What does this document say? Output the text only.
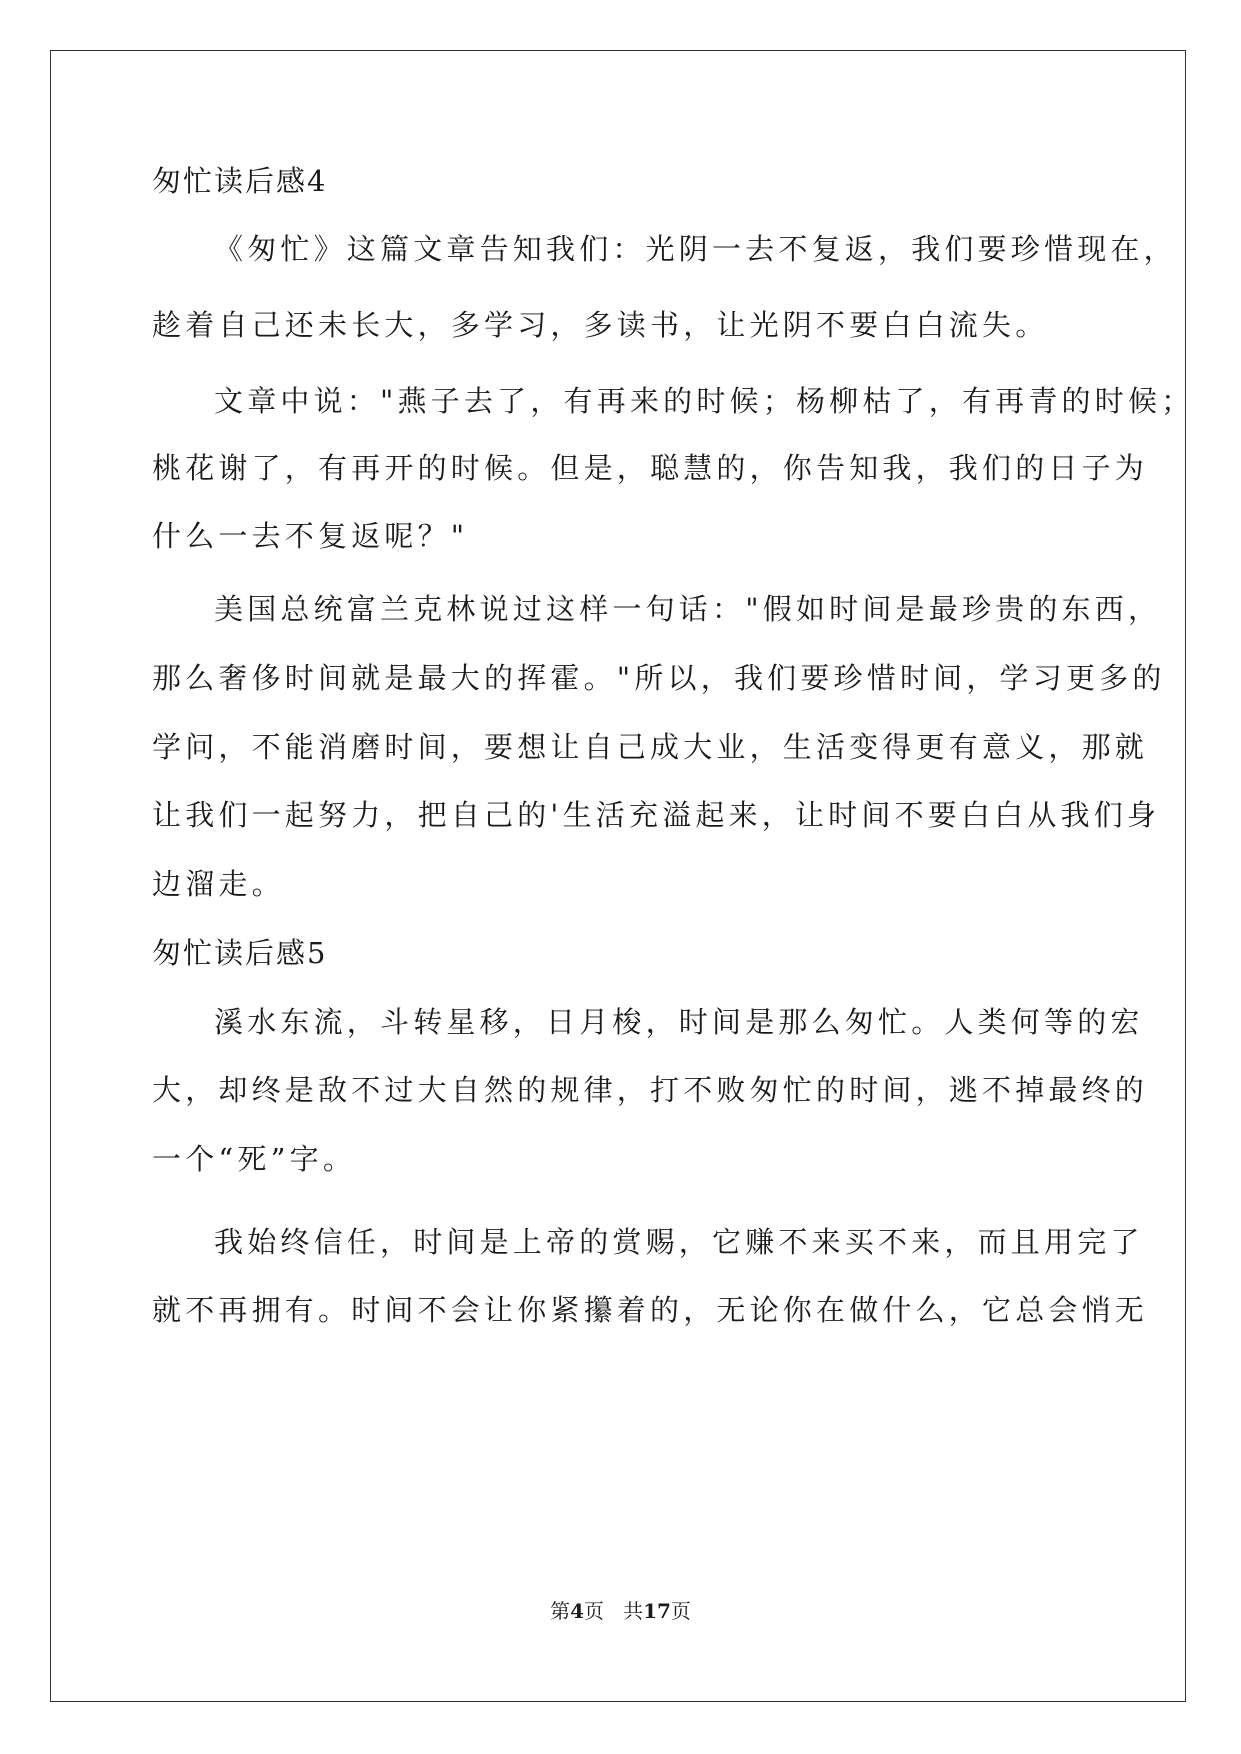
匆忙读后感4
《匆忙》这篇文章告知我们：光阴一去不复返，我们要珍惜现在，
趁着自己还未长大，多学习，多读书，让光阴不要白白流失。
文章中说："燕子去了，有再来的时候；杨柳枯了，有再青的时候；
桃花谢了，有再开的时候。但是，聪慧的，你告知我，我们的日子为
什么一去不复返呢？"
美国总统富兰克林说过这样一句话："假如时间是最珍贵的东西，
那么奢侈时间就是最大的挥霍。"所以，我们要珍惜时间，学习更多的
学问，不能消磨时间，要想让自己成大业，生活变得更有意义，那就
让我们一起努力，把自己的'生活充溢起来，让时间不要白白从我们身
边溜走。
匆忙读后感5
溪水东流，斗转星移，日月梭，时间是那么匆忙。人类何等的宏
大，却终是敌不过大自然的规律，打不败匆忙的时间，逃不掉最终的
一个“死”字。
我始终信任，时间是上帝的赏赐，它赚不来买不来，而且用完了
就不再拥有。时间不会让你紧攥着的，无论你在做什么，它总会悄无
第4页 共17页
